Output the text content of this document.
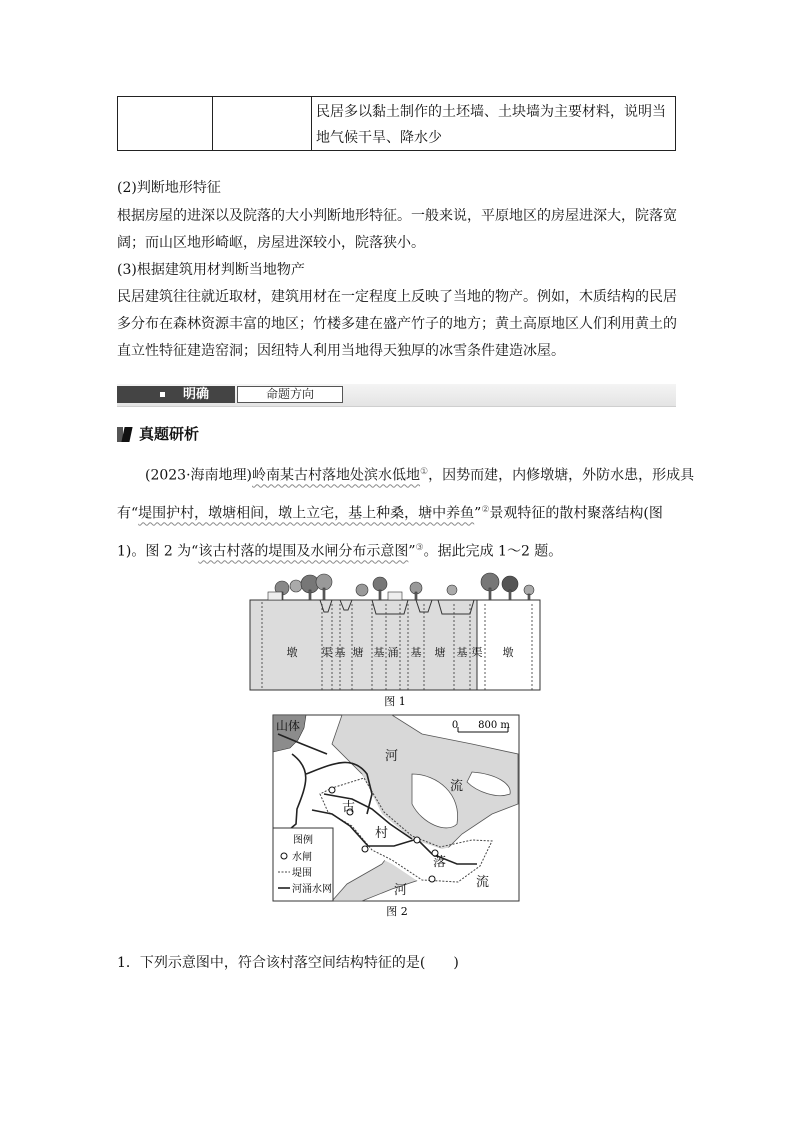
民居多以黏土制作的土坯墙、土块墙为主要材料，说明当地气候干旱、降水少
(2)判断地形特征
根据房屋的进深以及院落的大小判断地形特征。一般来说，平原地区的房屋进深大，院落宽
阔；而山区地形崎岖，房屋进深较小，院落狭小。
(3)根据建筑用材判断当地物产
民居建筑往往就近取材，建筑用材在一定程度上反映了当地的物产。例如，木质结构的民居
多分布在森林资源丰富的地区；竹楼多建在盛产竹子的地方；黄土高原地区人们利用黄土的
直立性特征建造窑洞；因纽特人利用当地得天独厚的冰雪条件建造冰屋。
明确	命题方向
真题研析
(2023·海南地理)岭南某古村落地处滨水低地①，因势而建，内修墩塘，外防水患，形成具
有“堤围护村，墩塘相间，墩上立宅，基上种桑，塘中养鱼”②景观特征的散村聚落结构(图
1)。图 2 为“该古村落的堤围及水闸分布示意图”③。据此完成 1～2 题。
墩 渠 基 塘 基 涌 基 塘 基 渠 墩
图 1
山体	0 800 m
河
流
古
村
落
河
流
图例
水闸
堤围
河涌水网
图 2
1．下列示意图中，符合该村落空间结构特征的是(　　)
